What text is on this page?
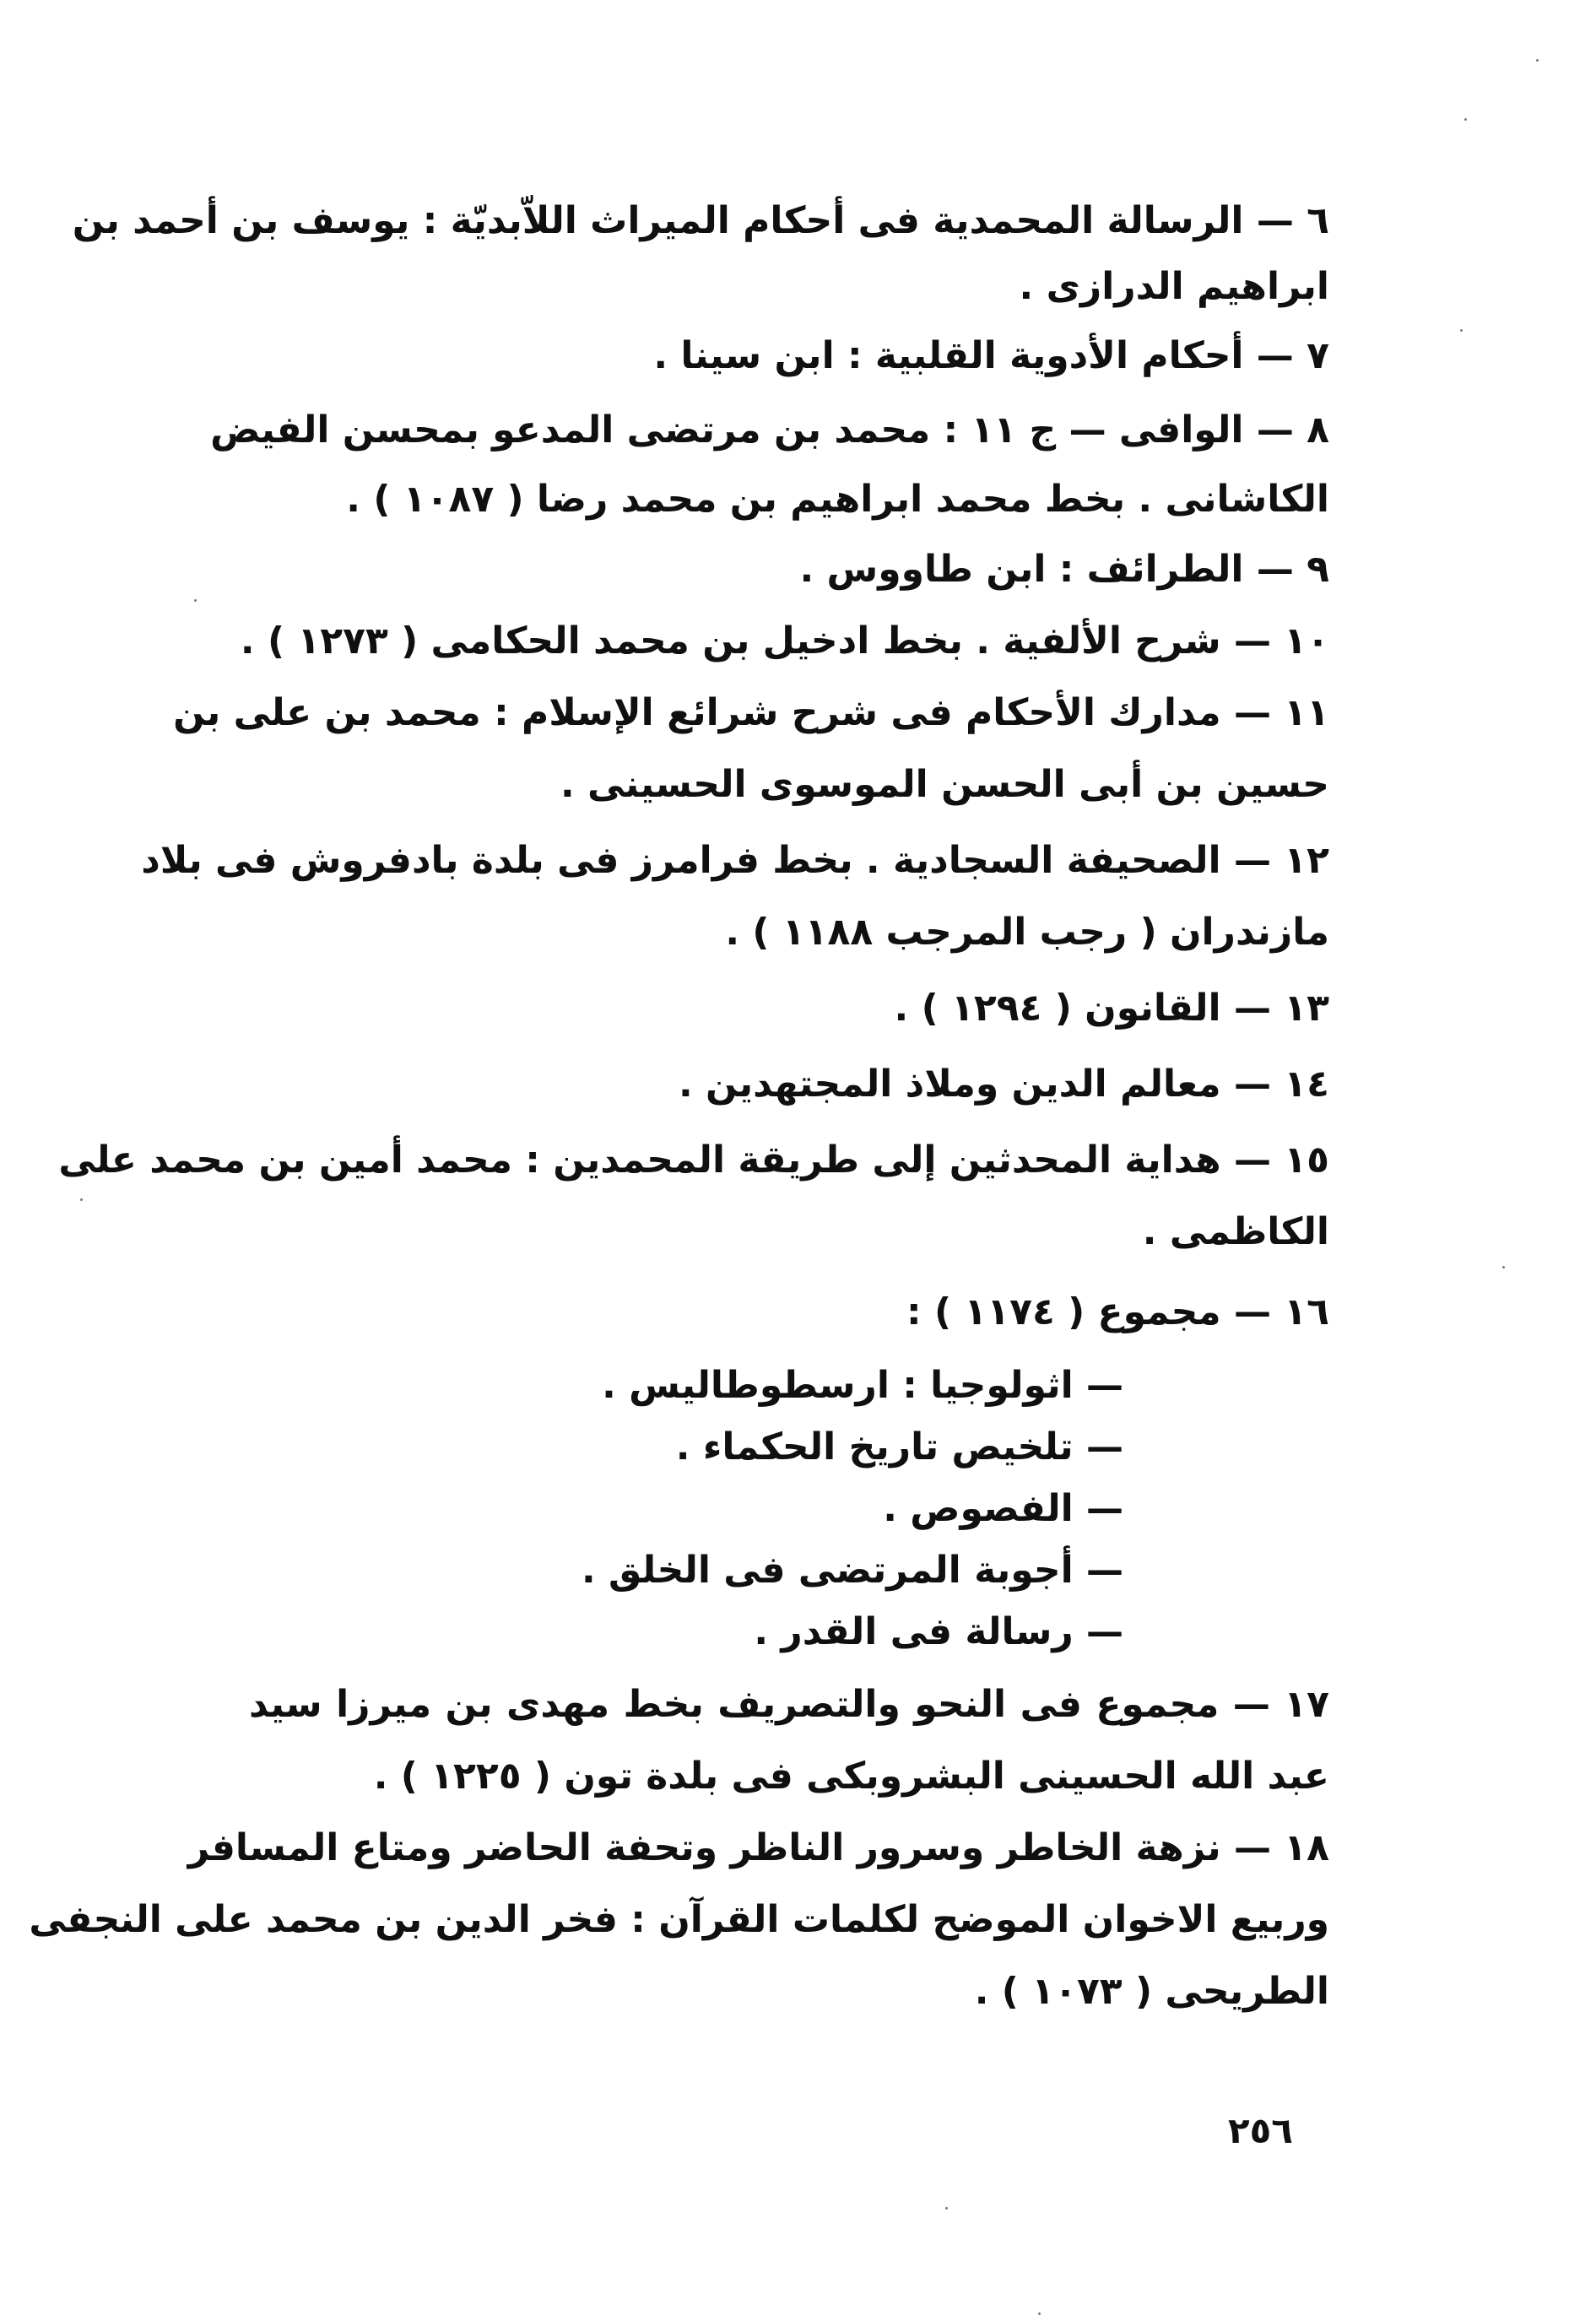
٦ — الرسالة المحمدية فى أحكام الميراث اللاّبديّة : يوسف بن أحمد بن
ابراهيم الدرازى .
٧ — أحكام الأدوية القلبية : ابن سينا .
٨ — الوافى — ج ١١ : محمد بن مرتضى المدعو بمحسن الفيض
الكاشانى . بخط محمد ابراهيم بن محمد رضا ( ١٠٨٧ ) .
٩ — الطرائف : ابن طاووس .
١٠ — شرح الألفية . بخط ادخيل بن محمد الحكامى ( ١٢٧٣ ) .
١١ — مدارك الأحكام فى شرح شرائع الإسلام : محمد بن على بن
حسين بن أبى الحسن الموسوى الحسينى .
١٢ — الصحيفة السجادية . بخط فرامرز فى بلدة بادفروش فى بلاد
مازندران ( رجب المرجب ١١٨٨ ) .
١٣ — القانون ( ١٢٩٤ ) .
١٤ — معالم الدين وملاذ المجتهدين .
١٥ — هداية المحدثين إلى طريقة المحمدين : محمد أمين بن محمد على
الكاظمى .
١٦ — مجموع ( ١١٧٤ ) :
— اثولوجيا : ارسطوطاليس .
— تلخيص تاريخ الحكماء .
— الفصوص .
— أجوبة المرتضى فى الخلق .
— رسالة فى القدر .
١٧ — مجموع فى النحو والتصريف بخط مهدى بن ميرزا سيد
عبد الله الحسينى البشروبكى فى بلدة تون ( ١٢٢٥ ) .
١٨ — نزهة الخاطر وسرور الناظر وتحفة الحاضر ومتاع المسافر
وربيع الاخوان الموضح لكلمات القرآن : فخر الدين بن محمد على النجفى
الطريحى ( ١٠٧٣ ) .
٢٥٦
